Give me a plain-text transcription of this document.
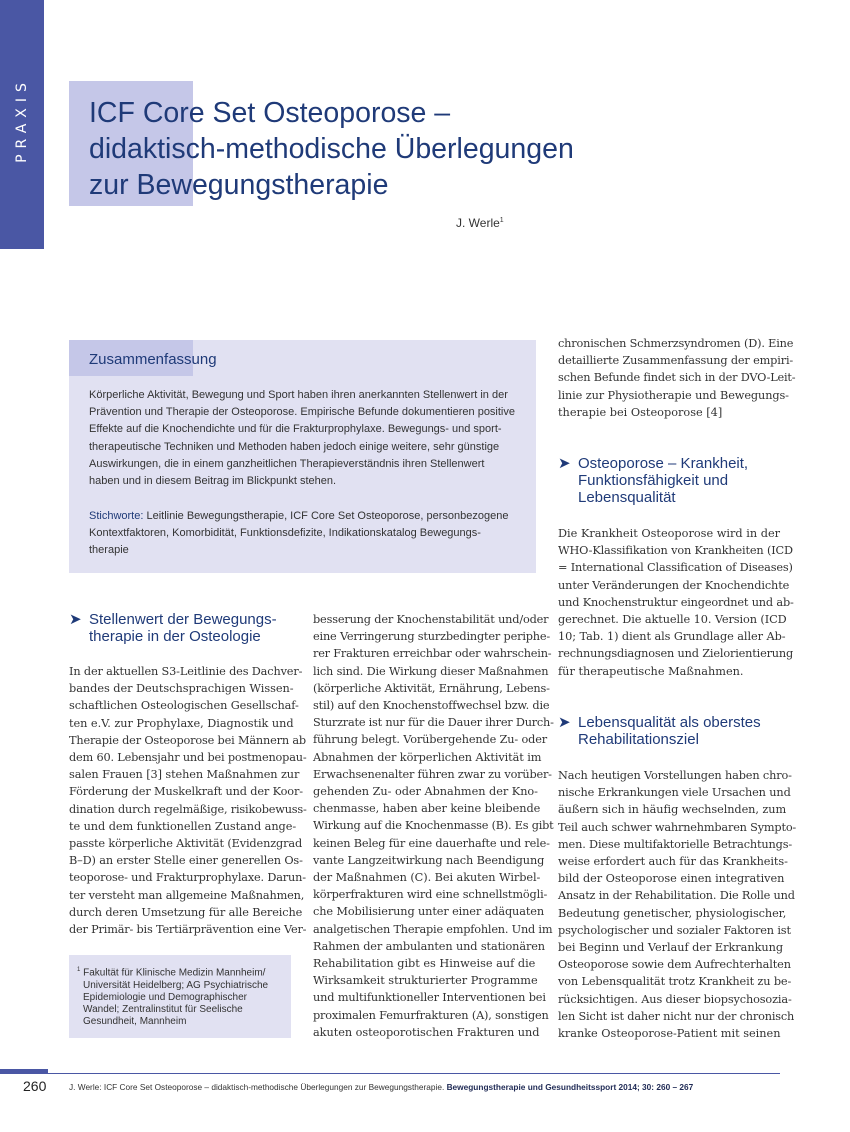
PRAXIS ICF Core Set Osteoporose –
didaktisch-methodische Überlegungen
zur Bewegungstherapie
J. Werle$^1$
Zusammenfassung
Körperliche Aktivität, Bewegung und Sport haben ihren anerkannten Stellenwert in der
Prävention und Therapie der Osteoporose. Empirische Befunde dokumentieren positive
Effekte auf die Knochendichte und für die Frakturprophylaxe. Bewegungs- und sport-
therapeutische Techniken und Methoden haben jedoch einige weitere, sehr günstige
Auswirkungen, die in einem ganzheitlichen Therapieverständnis ihren Stellenwert
haben und in diesem Beitrag im Blickpunkt stehen.
Stichworte: Leitlinie Bewegungstherapie, ICF Core Set Osteoporose, personbezogene
Kontextfaktoren, Komorbidität, Funktionsdefizite, Indikationskatalog Bewegungs-
therapie
➤ Stellenwert der Bewegungs-
therapie in der Osteologie
In der aktuellen S3-Leitlinie des Dachver-
bandes der Deutschsprachigen Wissen-
schaftlichen Osteologischen Gesellschaf-
ten e.V. zur Prophylaxe, Diagnostik und
Therapie der Osteoporose bei Männern ab
dem 60. Lebensjahr und bei postmenopau-
salen Frauen [3] stehen Maßnahmen zur
Förderung der Muskelkraft und der Koor-
dination durch regelmäßige, risikobewuss-
te und dem funktionellen Zustand ange-
passte körperliche Aktivität (Evidenzgrad
B–D) an erster Stelle einer generellen Os-
teoporose- und Frakturprophylaxe. Darun-
ter versteht man allgemeine Maßnahmen,
durch deren Umsetzung für alle Bereiche
der Primär- bis Tertiärprävention eine Ver-
$^1$ Fakultät für Klinische Medizin Mannheim/
Universität Heidelberg; AG Psychiatrische
Epidemiologie und Demographischer
Wandel; Zentralinstitut für Seelische
Gesundheit, Mannheim
besserung der Knochenstabilität und/oder
eine Verringerung sturzbedingter periphe-
rer Frakturen erreichbar oder wahrschein-
lich sind. Die Wirkung dieser Maßnahmen
(körperliche Aktivität, Ernährung, Lebens-
stil) auf den Knochenstoffwechsel bzw. die
Sturzrate ist nur für die Dauer ihrer Durch-
führung belegt. Vorübergehende Zu- oder
Abnahmen der körperlichen Aktivität im
Erwachsenenalter führen zwar zu vorüber-
gehenden Zu- oder Abnahmen der Kno-
chenmasse, haben aber keine bleibende
Wirkung auf die Knochenmasse (B). Es gibt
keinen Beleg für eine dauerhafte und rele-
vante Langzeitwirkung nach Beendigung
der Maßnahmen (C). Bei akuten Wirbel-
körperfrakturen wird eine schnellstmögli-
che Mobilisierung unter einer adäquaten
analgetischen Therapie empfohlen. Und im
Rahmen der ambulanten und stationären
Rehabilitation gibt es Hinweise auf die
Wirksamkeit strukturierter Programme
und multifunktioneller Interventionen bei
proximalen Femurfrakturen (A), sonstigen
akuten osteoporotischen Frakturen und
chronischen Schmerzsyndromen (D). Eine
detaillierte Zusammenfassung der empiri-
schen Befunde findet sich in der DVO-Leit-
linie zur Physiotherapie und Bewegungs-
therapie bei Osteoporose [4]
➤ Osteoporose – Krankheit,
Funktionsfähigkeit und
Lebensqualität
Die Krankheit Osteoporose wird in der
WHO-Klassifikation von Krankheiten (ICD
= International Classification of Diseases)
unter Veränderungen der Knochendichte
und Knochenstruktur eingeordnet und ab-
gerechnet. Die aktuelle 10. Version (ICD
10; Tab. 1) dient als Grundlage aller Ab-
rechnungsdiagnosen und Zielorientierung
für therapeutische Maßnahmen.
➤ Lebensqualität als oberstes
Rehabilitationsziel
Nach heutigen Vorstellungen haben chro-
nische Erkrankungen viele Ursachen und
äußern sich in häufig wechselnden, zum
Teil auch schwer wahrnehmbaren Sympto-
men. Diese multifaktorielle Betrachtungs-
weise erfordert auch für das Krankheits-
bild der Osteoporose einen integrativen
Ansatz in der Rehabilitation. Die Rolle und
Bedeutung genetischer, physiologischer,
psychologischer und sozialer Faktoren ist
bei Beginn und Verlauf der Erkrankung
Osteoporose sowie dem Aufrechterhalten
von Lebensqualität trotz Krankheit zu be-
rücksichtigen. Aus dieser biopsychosozia-
len Sicht ist daher nicht nur der chronisch
kranke Osteoporose-Patient mit seinen
260	J. Werle: ICF Core Set Osteoporose – didaktisch-methodische Überlegungen zur Bewegungstherapie. Bewegungstherapie und Gesundheitssport 2014; 30: 260 – 267
